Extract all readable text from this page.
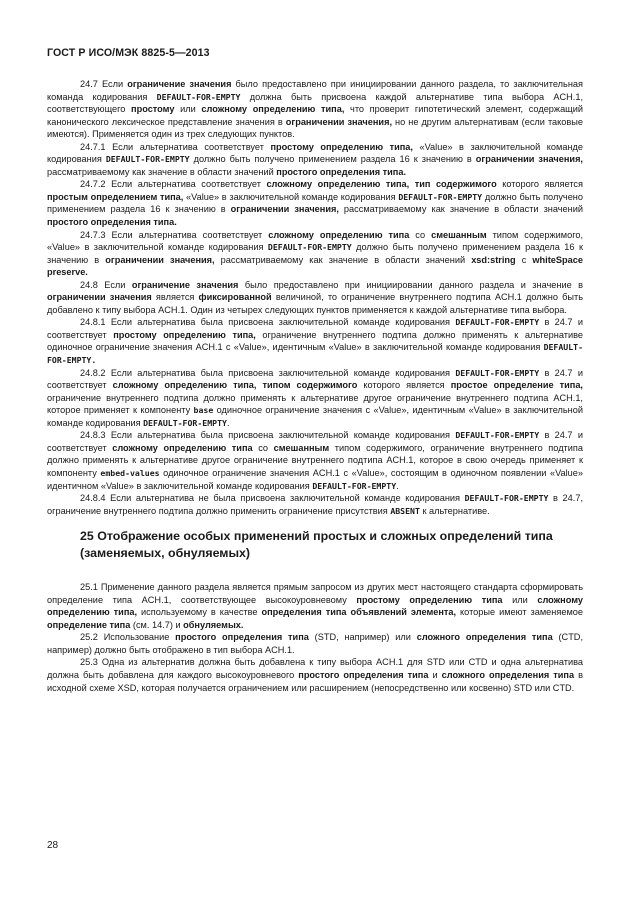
ГОСТ Р ИСО/МЭК 8825-5—2013

24.7 Если ограничение значения было предоставлено при инициировании данного раздела, то заключительная команда кодирования DEFAULT-FOR-EMPTY должна быть присвоена каждой альтернативе типа выбора ACH.1, соответствующего простому или сложному определению типа, что проверит гипотетический элемент, содержащий канонического лексическое представление значения в ограничении значения, но не другим альтернативам (если таковые имеются). Применяется один из трех следующих пунктов.

24.7.1 Если альтернатива соответствует простому определению типа, «Value» в заключительной команде кодирования DEFAULT-FOR-EMPTY должно быть получено применением раздела 16 к значению в ограничении значения, рассматриваемому как значение в области значений простого определения типа.

24.7.2 Если альтернатива соответствует сложному определению типа, тип содержимого которого является простым определением типа, «Value» в заключительной команде кодирования DEFAULT-FOR-EMPTY должно быть получено применением раздела 16 к значению в ограничении значения, рассматриваемому как значение в области значений простого определения типа.

24.7.3 Если альтернатива соответствует сложному определению типа со смешанным типом содержимого, «Value» в заключительной команде кодирования DEFAULT-FOR-EMPTY должно быть получено применением раздела 16 к значению в ограничении значения, рассматриваемому как значение в области значений xsd:string с whiteSpace preserve.

24.8 Если ограничение значения было предоставлено при инициировании данного раздела и значение в ограничении значения является фиксированной величиной, то ограничение внутреннего подтипа ACH.1 должно быть добавлено к типу выбора ACH.1. Один из четырех следующих пунктов применяется к каждой альтернативе типа выбора.

24.8.1 Если альтернатива была присвоена заключительной команде кодирования DEFAULT-FOR-EMPTY в 24.7 и соответствует простому определению типа, ограничение внутреннего подтипа должно применять к альтернативе одиночное ограничение значения ACH.1 с «Value», идентичным «Value» в заключительной команде кодирования DEFAULT-FOR-EMPTY.

24.8.2 Если альтернатива была присвоена заключительной команде кодирования DEFAULT-FOR-EMPTY в 24.7 и соответствует сложному определению типа, типом содержимого которого является простое определение типа, ограничение внутреннего подтипа должно применять к альтернативе другое ограничение внутреннего подтипа ACH.1, которое применяет к компоненту base одиночное ограничение значения с «Value», идентичным «Value» в заключительной команде кодирования DEFAULT-FOR-EMPTY.

24.8.3 Если альтернатива была присвоена заключительной команде кодирования DEFAULT-FOR-EMPTY в 24.7 и соответствует сложному определению типа со смешанным типом содержимого, ограничение внутреннего подтипа должно применять к альтернативе другое ограничение внутреннего подтипа ACH.1, которое в свою очередь применяет к компоненту embed-values одиночное ограничение значения ACH.1 с «Value», состоящим в одиночном появлении «Value» идентичном «Value» в заключительной команде кодирования DEFAULT-FOR-EMPTY.

24.8.4 Если альтернатива не была присвоена заключительной команде кодирования DEFAULT-FOR-EMPTY в 24.7, ограничение внутреннего подтипа должно применить ограничение присутствия ABSENT к альтернативе.

25 Отображение особых применений простых и сложных определений типа (заменяемых, обнуляемых)

25.1 Применение данного раздела является прямым запросом из других мест настоящего стандарта сформировать определение типа ACH.1, соответствующее высокоуровневому простому определению типа или сложному определению типа, используемому в качестве определения типа объявлений элемента, которые имеют заменяемое определение типа (см. 14.7) и обнуляемых.

25.2 Использование простого определения типа (STD, например) или сложного определения типа (CTD, например) должно быть отображено в тип выбора ACH.1.

25.3 Одна из альтернатив должна быть добавлена к типу выбора ACH.1 для STD или CTD и одна альтернатива должна быть добавлена для каждого высокоуровневого простого определения типа и сложного определения типа в исходной схеме XSD, которая получается ограничением или расширением (непосредственно или косвенно) STD или CTD.

28
